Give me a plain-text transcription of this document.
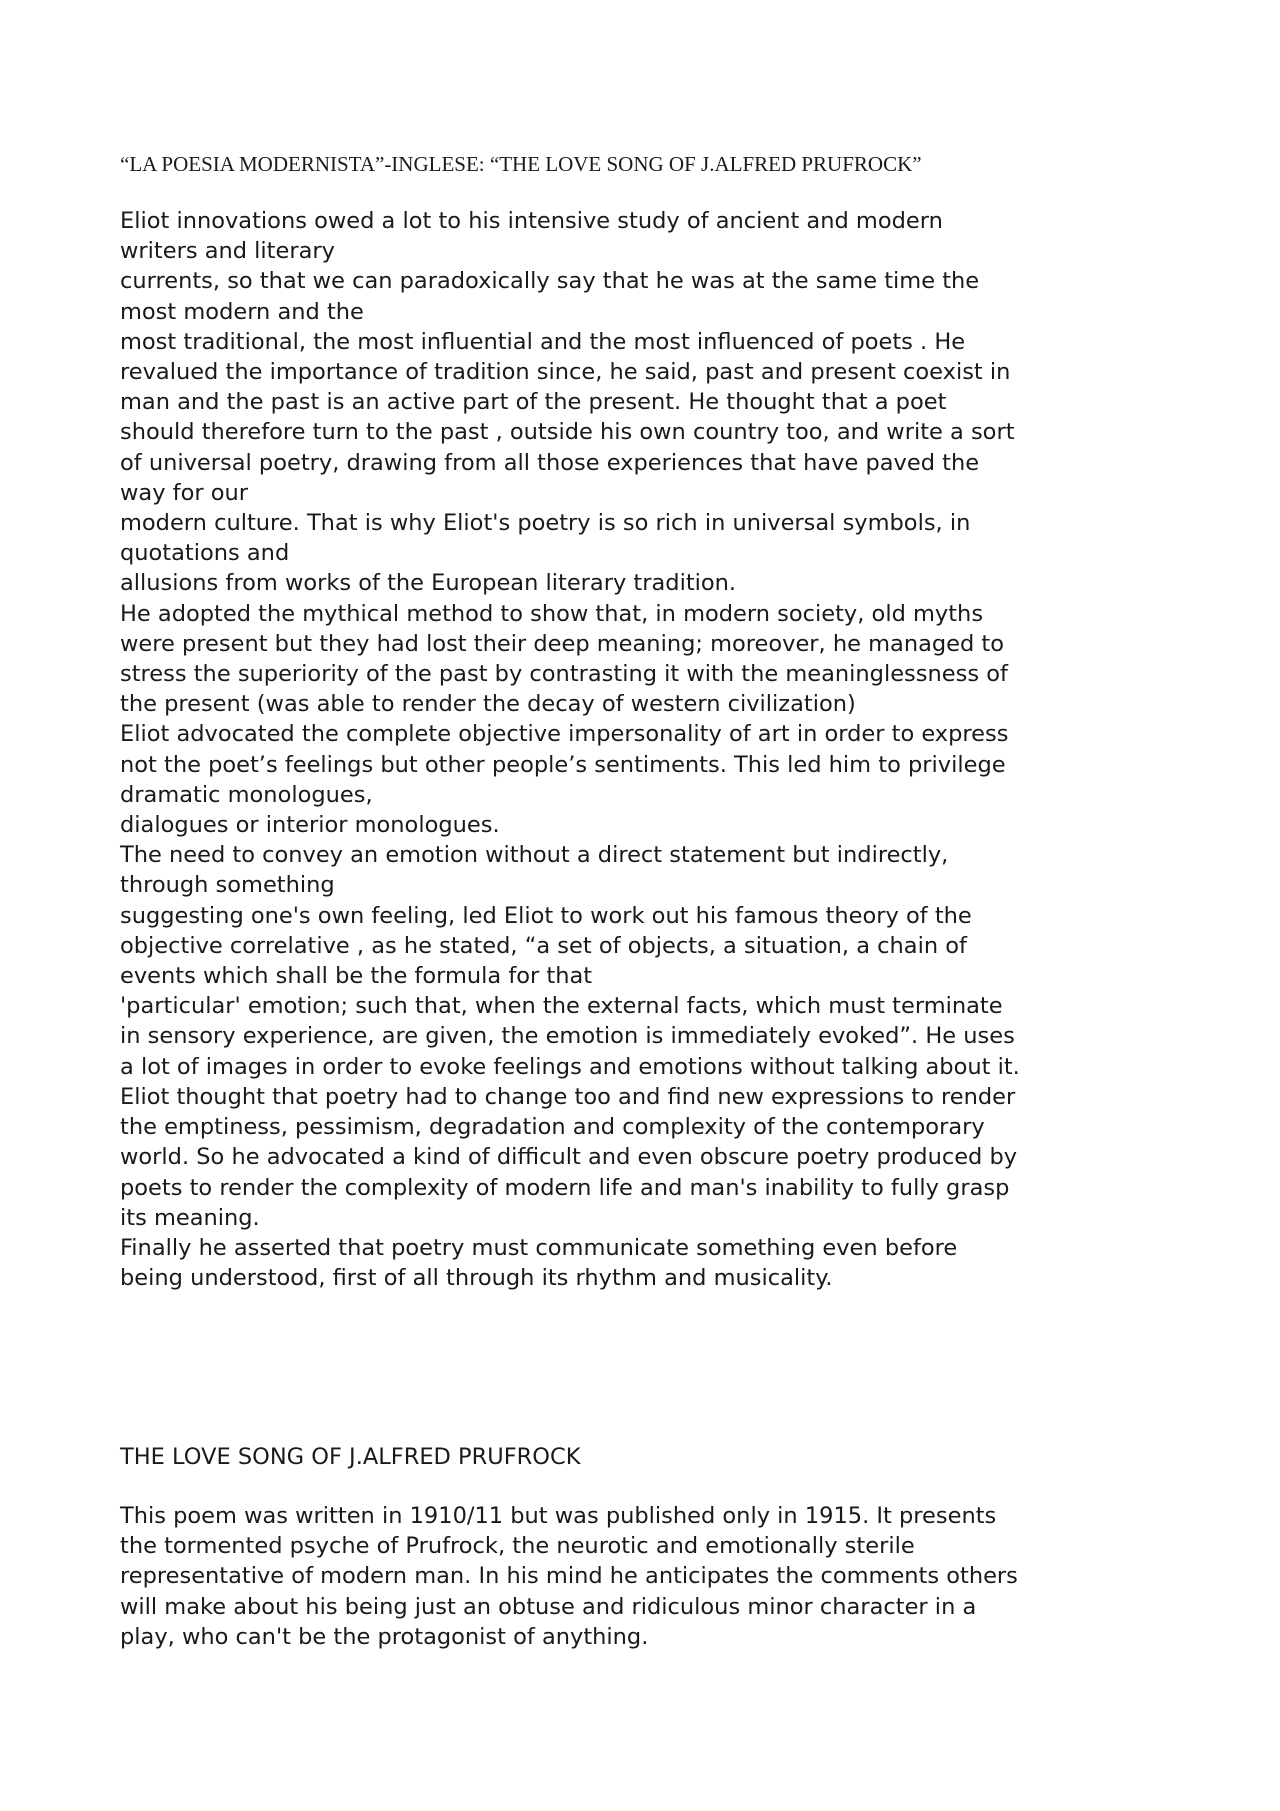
“LA POESIA MODERNISTA”-INGLESE: “THE LOVE SONG OF J.ALFRED PRUFROCK”
Eliot innovations owed a lot to his intensive study of ancient and modern
writers and literary
currents, so that we can paradoxically say that he was at the same time the
most modern and the
most traditional, the most influential and the most influenced of poets . He
revalued the importance of tradition since, he said, past and present coexist in
man and the past is an active part of the present. He thought that a poet
should therefore turn to the past , outside his own country too, and write a sort
of universal poetry, drawing from all those experiences that have paved the
way for our
modern culture. That is why Eliot's poetry is so rich in universal symbols, in
quotations and
allusions from works of the European literary tradition.
He adopted the mythical method to show that, in modern society, old myths
were present but they had lost their deep meaning; moreover, he managed to
stress the superiority of the past by contrasting it with the meaninglessness of
the present (was able to render the decay of western civilization)
Eliot advocated the complete objective impersonality of art in order to express
not the poet’s feelings but other people’s sentiments. This led him to privilege
dramatic monologues,
dialogues or interior monologues.
The need to convey an emotion without a direct statement but indirectly,
through something
suggesting one's own feeling, led Eliot to work out his famous theory of the
objective correlative , as he stated, “a set of objects, a situation, a chain of
events which shall be the formula for that
'particular' emotion; such that, when the external facts, which must terminate
in sensory experience, are given, the emotion is immediately evoked”. He uses
a lot of images in order to evoke feelings and emotions without talking about it.
Eliot thought that poetry had to change too and find new expressions to render
the emptiness, pessimism, degradation and complexity of the contemporary
world. So he advocated a kind of difficult and even obscure poetry produced by
poets to render the complexity of modern life and man's inability to fully grasp
its meaning.
Finally he asserted that poetry must communicate something even before
being understood, first of all through its rhythm and musicality.
THE LOVE SONG OF J.ALFRED PRUFROCK
This poem was written in 1910/11 but was published only in 1915. It presents
the tormented psyche of Prufrock, the neurotic and emotionally sterile
representative of modern man. In his mind he anticipates the comments others
will make about his being just an obtuse and ridiculous minor character in a
play, who can't be the protagonist of anything.
